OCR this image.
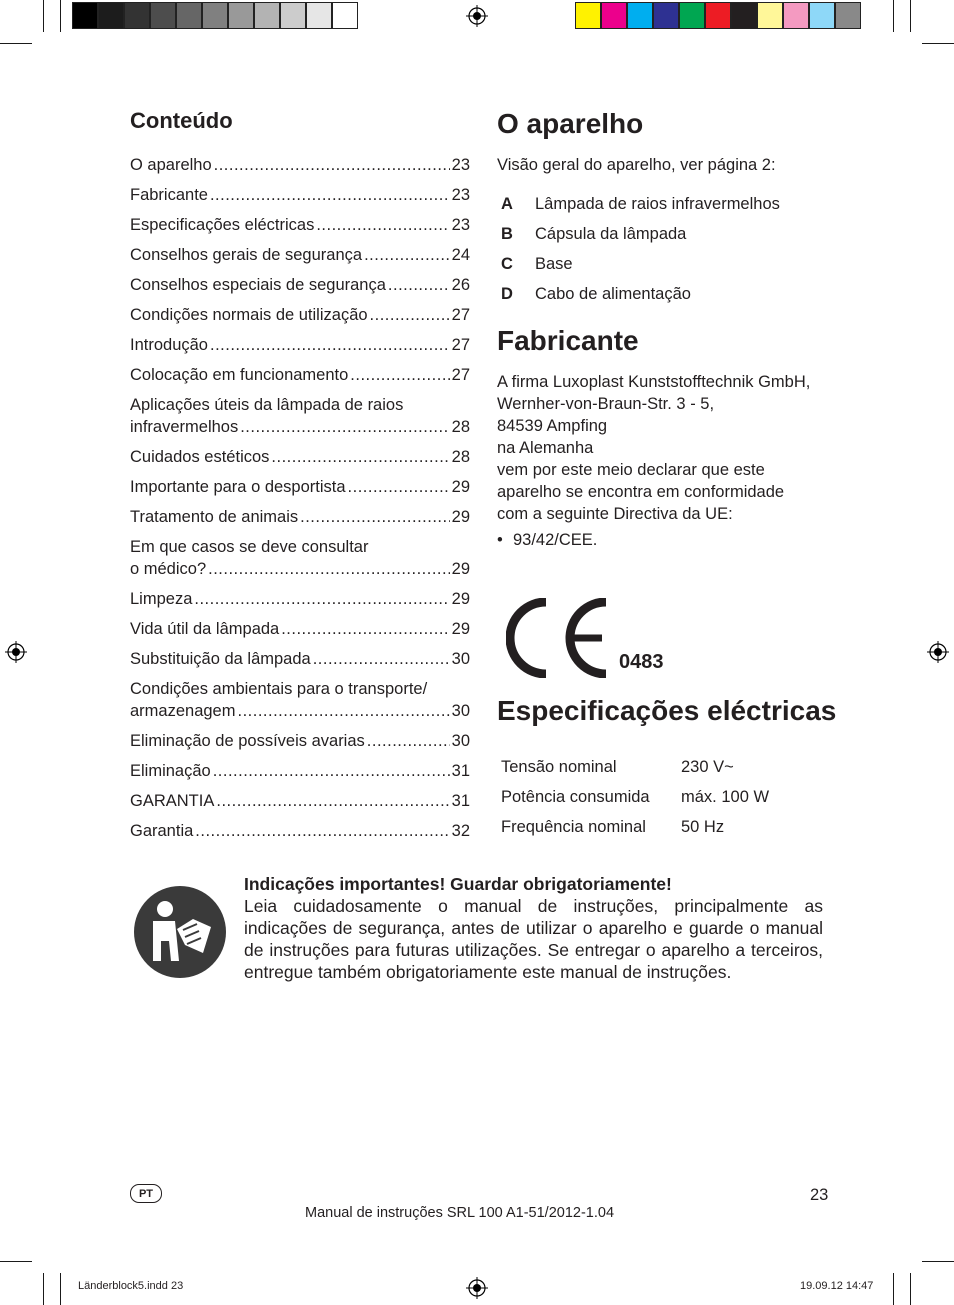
Conteúdo
O aparelho .....	23
Fabricante .....	23
Especificações eléctricas .....	23
Conselhos gerais de segurança .....	24
Conselhos especiais de segurança .....	26
Condições normais de utilização .....	27
Introdução .....	27
Colocação em funcionamento .....	27
Aplicações úteis da lâmpada de raios
infravermelhos .....	28
Cuidados estéticos .....	28
Importante para o desportista .....	29
Tratamento de animais .....	29
Em que casos se deve consultar
o médico? .....	29
Limpeza .....	29
Vida útil da lâmpada .....	29
Substituição da lâmpada .....	30
Condições ambientais para o transporte/
armazenagem .....	30
Eliminação de possíveis avarias .....	30
Eliminação .....	31
GARANTIA .....	31
Garantia .....	32
O aparelho
Visão geral do aparelho, ver página 2:
A	Lâmpada de raios infravermelhos
B	Cápsula da lâmpada
C	Base
D	Cabo de alimentação
Fabricante
A firma Luxoplast Kunststofftechnik GmbH,
Wernher-von-Braun-Str. 3 - 5,
84539 Ampfing
na Alemanha
vem por este meio declarar que este
aparelho se encontra em conformidade
com a seguinte Directiva da UE:
• 93/42/CEE.
0483
Especificações eléctricas
Tensão nominal	230 V~
Potência consumida	máx. 100 W
Frequência nominal	50 Hz
Indicações importantes! Guardar obrigatoriamente!
Leia cuidadosamente o manual de instruções, principalmente as indicações de segurança, antes de utilizar o aparelho e guarde o manual de instruções para futuras utilizações. Se entregar o aparelho a terceiros, entregue também obrigatoriamente este manual de instruções.
PT	23
Manual de instruções SRL 100 A1-51/2012-1.04
Länderblock5.indd 23	19.09.12 14:47
